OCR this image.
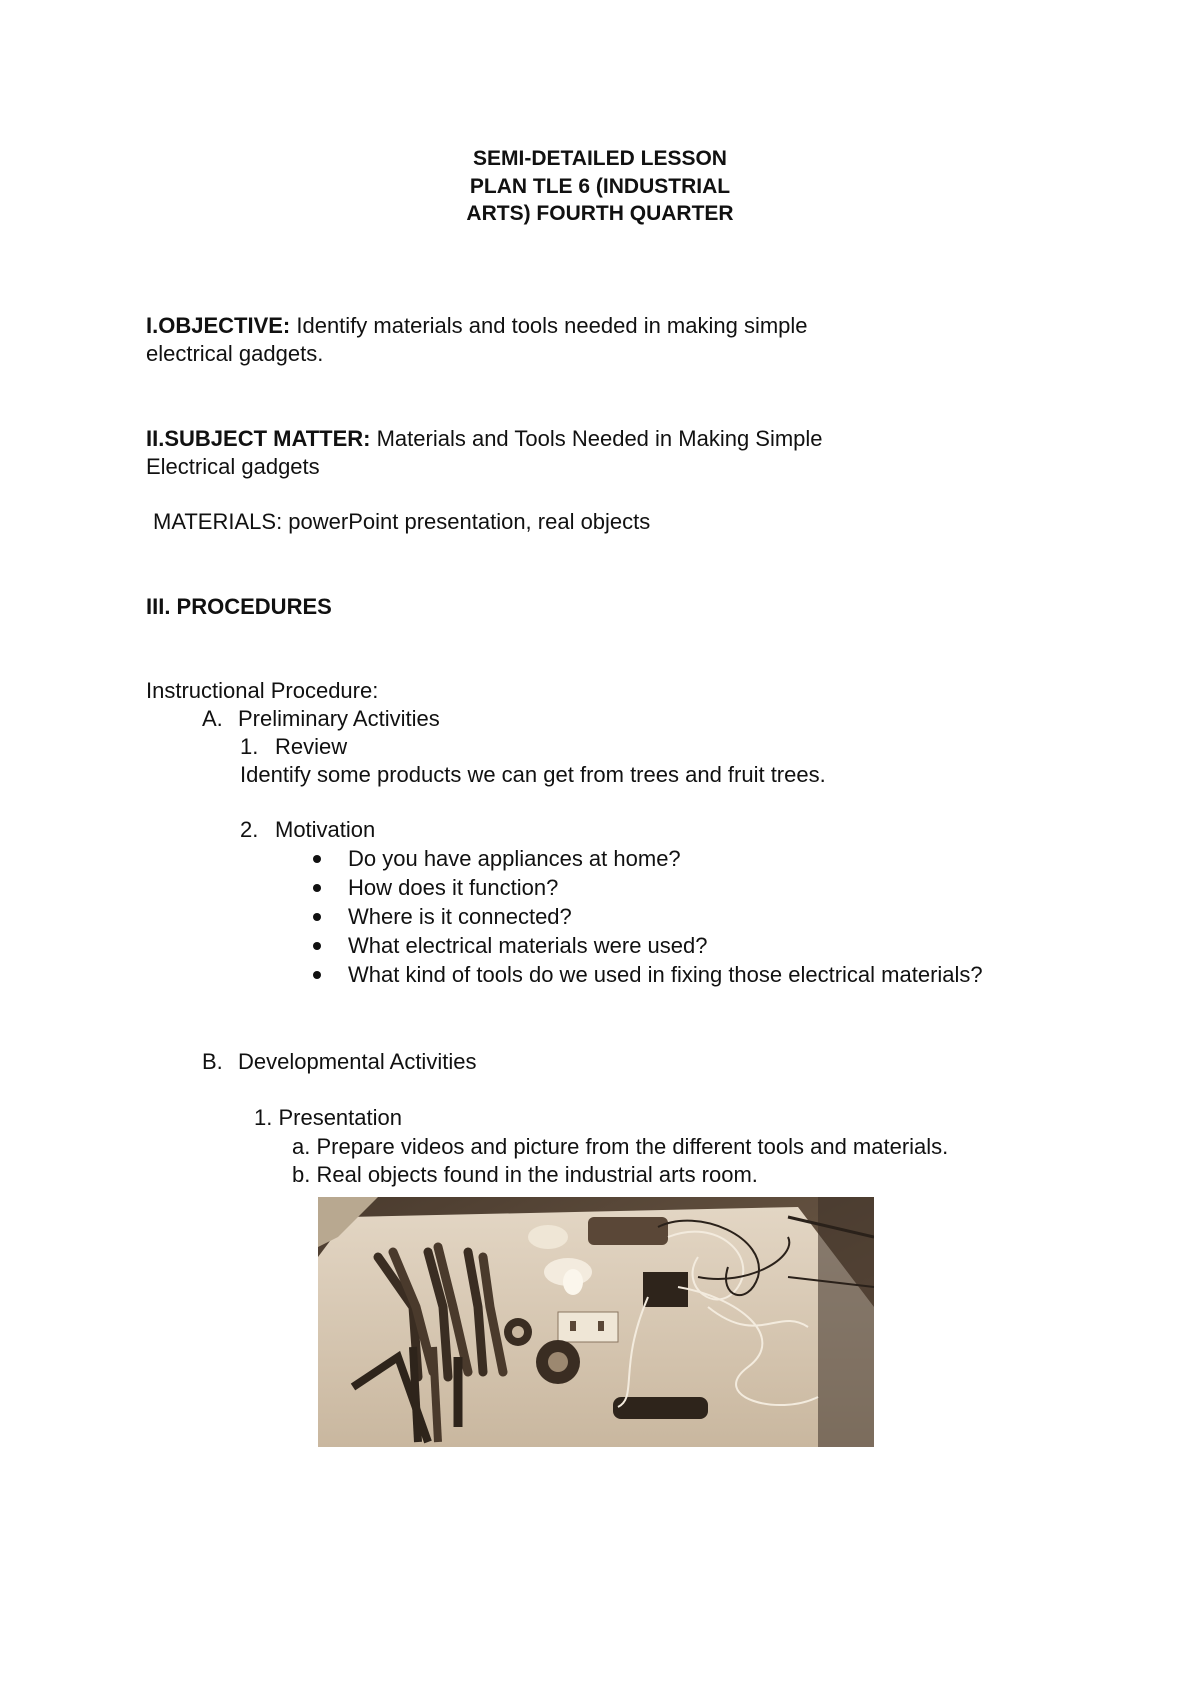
SEMI-DETAILED LESSON
PLAN TLE 6 (INDUSTRIAL
ARTS) FOURTH QUARTER
I.OBJECTIVE: Identify materials and tools needed in making simple
electrical gadgets.
II.SUBJECT MATTER: Materials and Tools Needed in Making Simple
Electrical gadgets
MATERIALS: powerPoint presentation, real objects
III. PROCEDURES
Instructional Procedure:
A. Preliminary Activities
1. Review
Identify some products we can get from trees and fruit trees.
2. Motivation
Do you have appliances at home?
How does it function?
Where is it connected?
What electrical materials were used?
What kind of tools do we used in fixing those electrical materials?
B. Developmental Activities
1. Presentation
a. Prepare videos and picture from the different tools and materials.
b. Real objects found in the industrial arts room.
